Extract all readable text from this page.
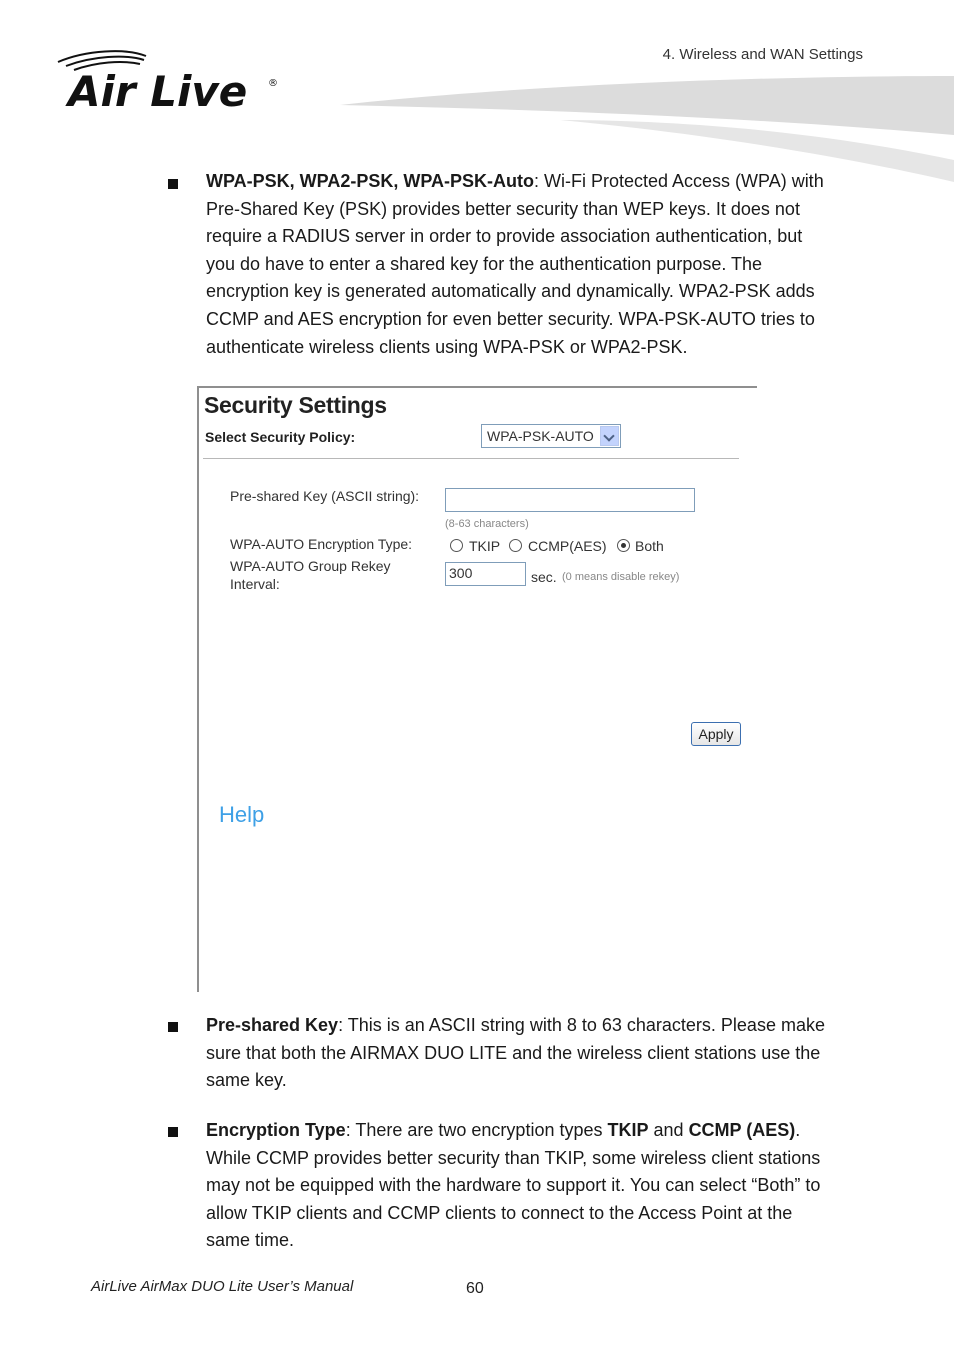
Air Live ®
4. Wireless and WAN Settings
WPA-PSK, WPA2-PSK, WPA-PSK-Auto: Wi-Fi Protected Access (WPA) with
Pre-Shared Key (PSK) provides better security than WEP keys. It does not
require a RADIUS server in order to provide association authentication, but
you do have to enter a shared key for the authentication purpose. The
encryption key is generated automatically and dynamically. WPA2-PSK adds
CCMP and AES encryption for even better security. WPA-PSK-AUTO tries to
authenticate wireless clients using WPA-PSK or WPA2-PSK.
Security Settings
Select Security Policy:	WPA-PSK-AUTO
Pre-shared Key (ASCII string):
(8-63 characters)
WPA-AUTO Encryption Type:	TKIP CCMP(AES) Both
WPA-AUTO Group Rekey
Interval:
300	sec. (0 means disable rekey)
Apply
Help
Pre-shared Key: This is an ASCII string with 8 to 63 characters. Please make
sure that both the AIRMAX DUO LITE and the wireless client stations use the
same key.
Encryption Type: There are two encryption types TKIP and CCMP (AES).
While CCMP provides better security than TKIP, some wireless client stations
may not be equipped with the hardware to support it. You can select “Both” to
allow TKIP clients and CCMP clients to connect to the Access Point at the
same time.
AirLive AirMax DUO Lite User’s Manual	60
